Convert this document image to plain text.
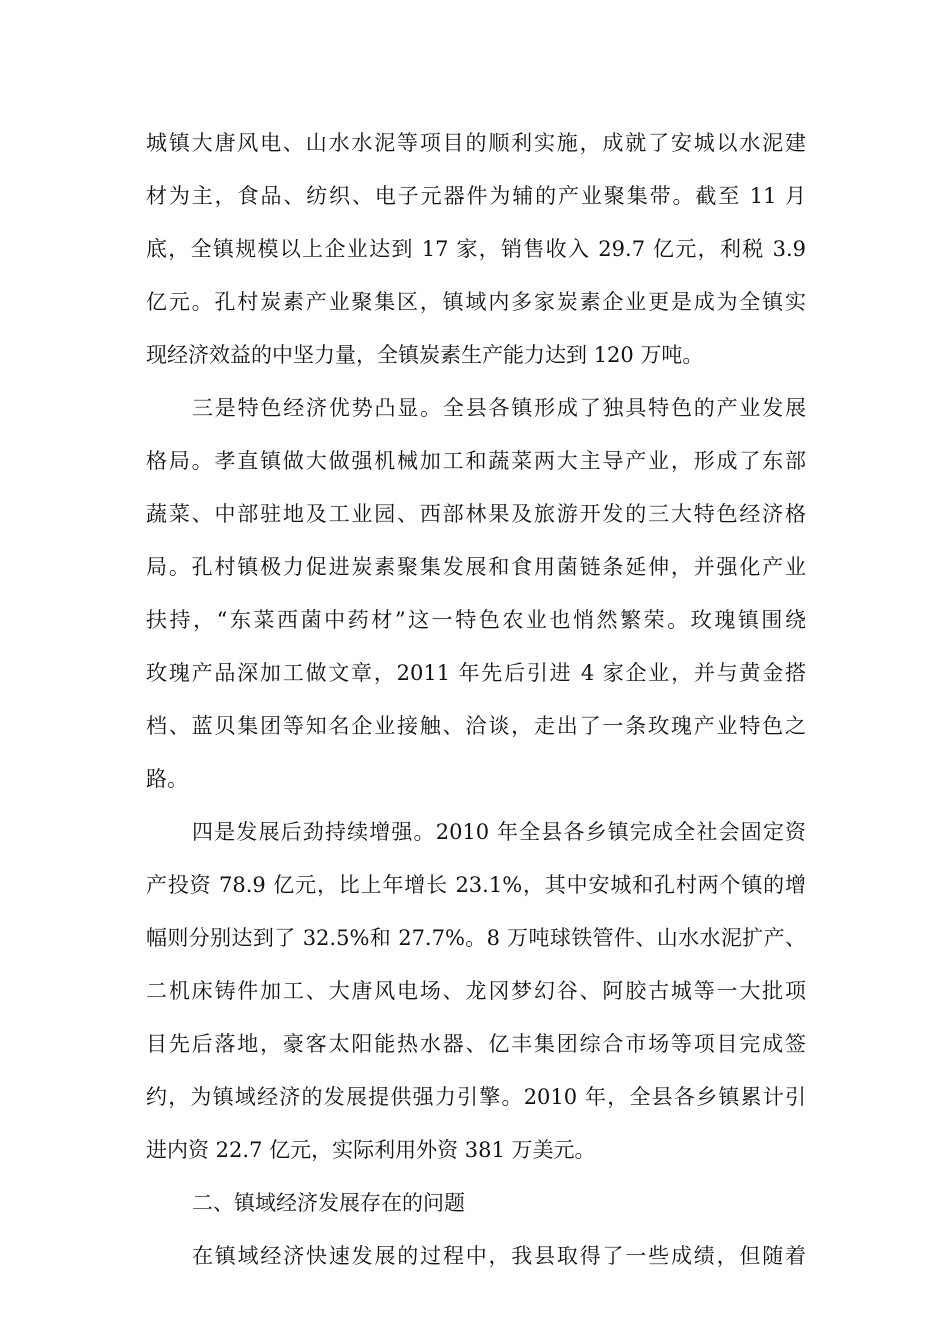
城镇大唐风电、山水水泥等项目的顺利实施，成就了安城以水泥建
材为主，食品、纺织、电子元器件为辅的产业聚集带。截至 11 月
底，全镇规模以上企业达到 17 家，销售收入 29.7 亿元，利税 3.9
亿元。孔村炭素产业聚集区，镇域内多家炭素企业更是成为全镇实
现经济效益的中坚力量，全镇炭素生产能力达到 120 万吨。
三是特色经济优势凸显。全县各镇形成了独具特色的产业发展
格局。孝直镇做大做强机械加工和蔬菜两大主导产业，形成了东部
蔬菜、中部驻地及工业园、西部林果及旅游开发的三大特色经济格
局。孔村镇极力促进炭素聚集发展和食用菌链条延伸，并强化产业
扶持，“东菜西菌中药材”这一特色农业也悄然繁荣。玫瑰镇围绕
玫瑰产品深加工做文章，2011 年先后引进 4 家企业，并与黄金搭
档、蓝贝集团等知名企业接触、洽谈，走出了一条玫瑰产业特色之
路。
四是发展后劲持续增强。2010 年全县各乡镇完成全社会固定资
产投资 78.9 亿元，比上年增长 23.1%，其中安城和孔村两个镇的增
幅则分别达到了 32.5%和 27.7%。8 万吨球铁管件、山水水泥扩产、
二机床铸件加工、大唐风电场、龙冈梦幻谷、阿胶古城等一大批项
目先后落地，豪客太阳能热水器、亿丰集团综合市场等项目完成签
约，为镇域经济的发展提供强力引擎。2010 年，全县各乡镇累计引
进内资 22.7 亿元，实际利用外资 381 万美元。
二、镇域经济发展存在的问题
在镇域经济快速发展的过程中，我县取得了一些成绩，但随着
